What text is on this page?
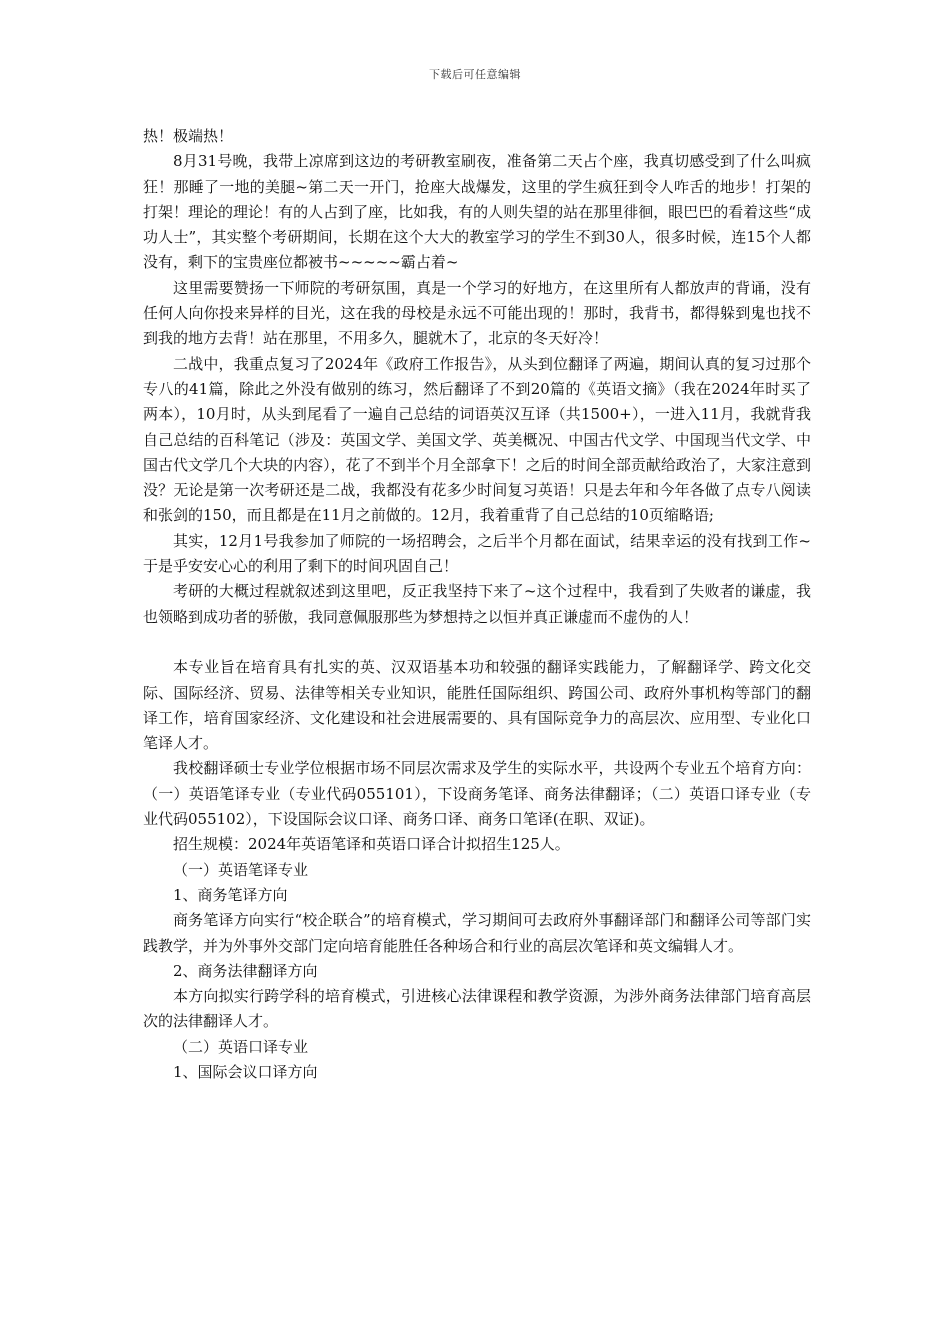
下载后可任意编辑

热！极端热！

8月31号晚，我带上凉席到这边的考研教室刷夜，准备第二天占个座，我真切感受到了什么叫疯狂！那睡了一地的美腿~第二天一开门，抢座大战爆发，这里的学生疯狂到令人咋舌的地步！打架的打架！理论的理论！有的人占到了座，比如我，有的人则失望的站在那里徘徊，眼巴巴的看着这些“成功人士”，其实整个考研期间，长期在这个大大的教室学习的学生不到30人，很多时候，连15个人都没有，剩下的宝贵座位都被书~~~~~霸占着~

这里需要赞扬一下师院的考研氛围，真是一个学习的好地方，在这里所有人都放声的背诵，没有任何人向你投来异样的目光，这在我的母校是永远不可能出现的！那时，我背书，都得躲到鬼也找不到我的地方去背！站在那里，不用多久，腿就木了，北京的冬天好冷！

二战中，我重点复习了2024年《政府工作报告》，从头到位翻译了两遍，期间认真的复习过那个专八的41篇，除此之外没有做别的练习，然后翻译了不到20篇的《英语文摘》（我在2024年时买了两本），10月时，从头到尾看了一遍自己总结的词语英汉互译（共1500+），一进入11月，我就背我自己总结的百科笔记（涉及：英国文学、美国文学、英美概况、中国古代文学、中国现当代文学、中国古代文学几个大块的内容），花了不到半个月全部拿下！之后的时间全部贡献给政治了，大家注意到没？无论是第一次考研还是二战，我都没有花多少时间复习英语！只是去年和今年各做了点专八阅读和张剑的150，而且都是在11月之前做的。12月，我着重背了自己总结的10页缩略语;

其实，12月1号我参加了师院的一场招聘会，之后半个月都在面试，结果幸运的没有找到工作~于是乎安安心心的利用了剩下的时间巩固自己！

考研的大概过程就叙述到这里吧，反正我坚持下来了~这个过程中，我看到了失败者的谦虚，我也领略到成功者的骄傲，我同意佩服那些为梦想持之以恒并真正谦虚而不虚伪的人！

本专业旨在培育具有扎实的英、汉双语基本功和较强的翻译实践能力，了解翻译学、跨文化交际、国际经济、贸易、法律等相关专业知识，能胜任国际组织、跨国公司、政府外事机构等部门的翻译工作，培育国家经济、文化建设和社会进展需要的、具有国际竞争力的高层次、应用型、专业化口笔译人才。

我校翻译硕士专业学位根据市场不同层次需求及学生的实际水平，共设两个专业五个培育方向：（一）英语笔译专业（专业代码055101），下设商务笔译、商务法律翻译；（二）英语口译专业（专业代码055102），下设国际会议口译、商务口译、商务口笔译(在职、双证)。

招生规模：2024年英语笔译和英语口译合计拟招生125人。

（一）英语笔译专业

1、商务笔译方向

商务笔译方向实行“校企联合”的培育模式，学习期间可去政府外事翻译部门和翻译公司等部门实践教学，并为外事外交部门定向培育能胜任各种场合和行业的高层次笔译和英文编辑人才。

2、商务法律翻译方向

本方向拟实行跨学科的培育模式，引进核心法律课程和教学资源，为涉外商务法律部门培育高层次的法律翻译人才。

（二）英语口译专业

1、国际会议口译方向
